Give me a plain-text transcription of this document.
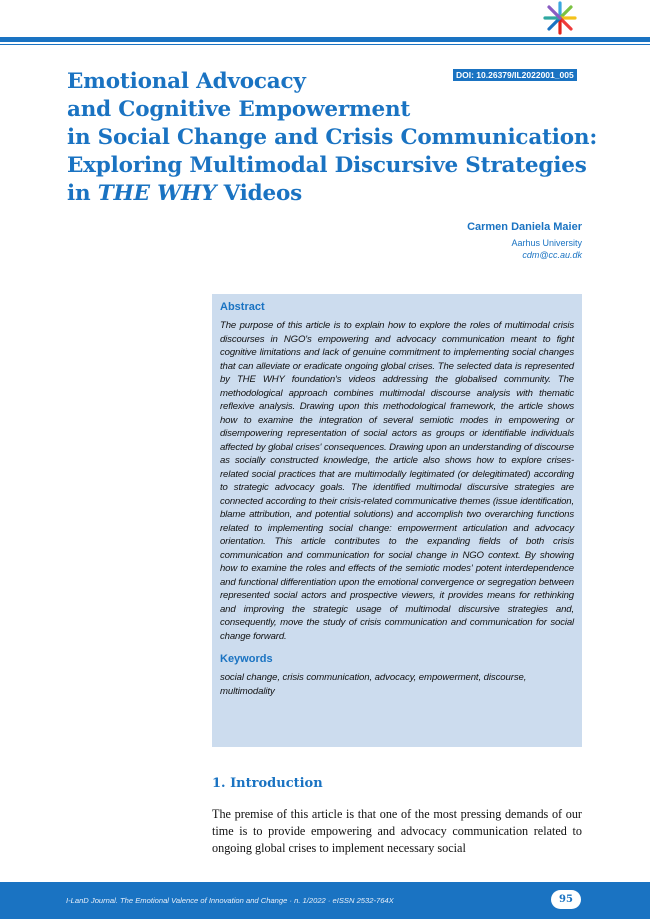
DOI: 10.26379/IL2022001_005
Emotional Advocacy
and Cognitive Empowerment
in Social Change and Crisis Communication:
Exploring Multimodal Discursive Strategies
in THE WHY Videos
Carmen Daniela Maier
Aarhus University
cdm@cc.au.dk
Abstract

The purpose of this article is to explain how to explore the roles of multimodal crisis discourses in NGO's empowering and advocacy communication meant to fight cognitive limitations and lack of genuine commitment to implementing social changes that can alleviate or eradicate ongoing global crises. The selected data is represented by THE WHY foundation's videos addressing the globalised community. The methodological approach combines multimodal discourse analysis with thematic reflexive analysis. Drawing upon this methodological framework, the article shows how to examine the integration of several semiotic modes in empowering or disempowering representation of social actors as groups or identifiable individuals affected by global crises' consequences. Drawing upon an understanding of discourse as socially constructed knowledge, the article also shows how to explore crises-related social practices that are multimodally legitimated (or delegitimated) according to strategic advocacy goals. The identified multimodal discursive strategies are connected according to their crisis-related communicative themes (issue identification, blame attribution, and potential solutions) and accomplish two overarching functions related to implementing social change: empowerment articulation and advocacy orientation. This article contributes to the expanding fields of both crisis communication and communication for social change in NGO context. By showing how to examine the roles and effects of the semiotic modes' potent interdependence and functional differentiation upon the emotional convergence or segregation between represented social actors and prospective viewers, it provides means for rethinking and improving the strategic usage of multimodal discursive strategies and, consequently, move the study of crisis communication and communication for social change forward.

Keywords

social change, crisis communication, advocacy, empowerment, discourse, multimodality

1. Introduction

The premise of this article is that one of the most pressing demands of our time is to provide empowering and advocacy communication related to ongoing global crises to implement necessary social

I-LanD Journal. The Emotional Valence of Innovation and Change · n. 1/2022 · eISSN 2532-764X	95
